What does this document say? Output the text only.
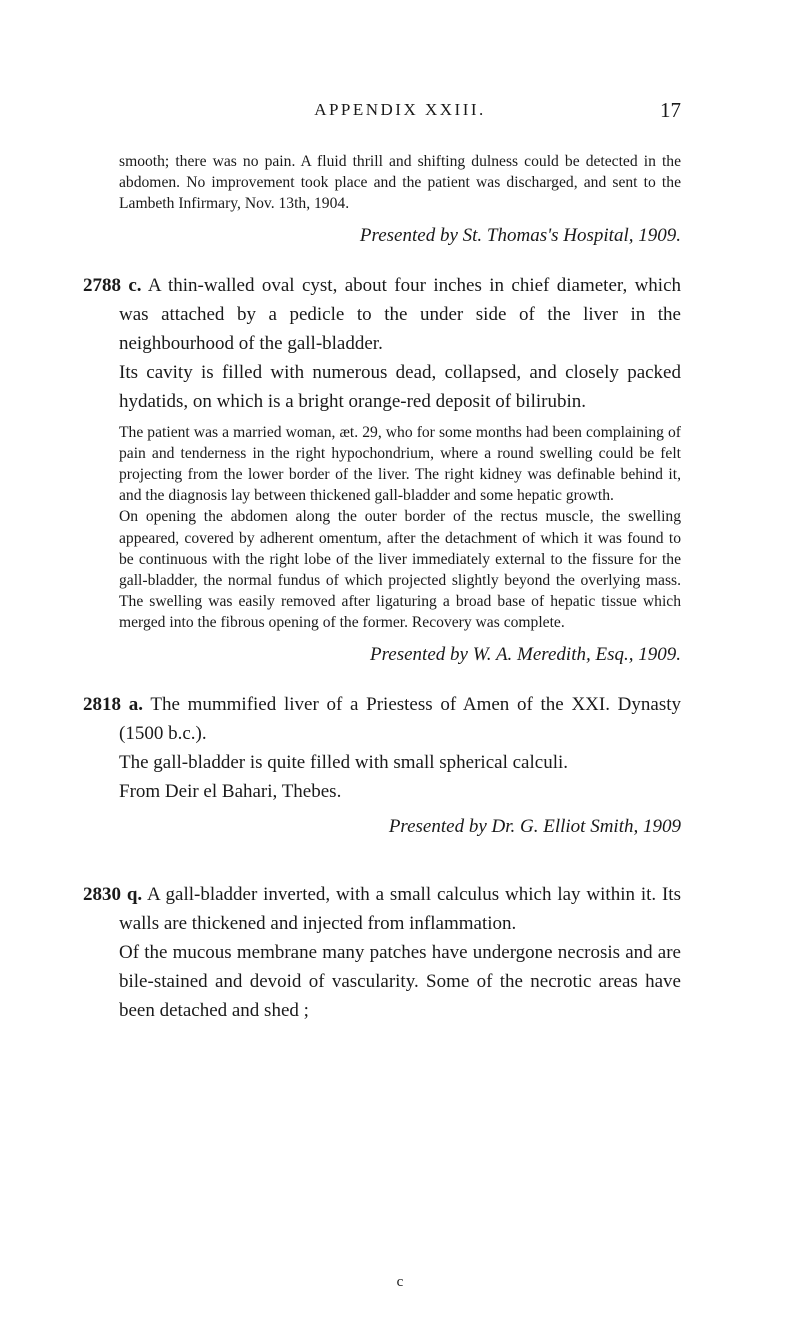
APPENDIX XXIII.	17

smooth; there was no pain. A fluid thrill and shifting dulness could be detected in the abdomen. No improvement took place and the patient was discharged, and sent to the Lambeth Infirmary, Nov. 13th, 1904.

Presented by St. Thomas's Hospital, 1909.

2788 c. A thin-walled oval cyst, about four inches in chief diameter, which was attached by a pedicle to the under side of the liver in the neighbourhood of the gall-bladder.

Its cavity is filled with numerous dead, collapsed, and closely packed hydatids, on which is a bright orange-red deposit of bilirubin.

The patient was a married woman, æt. 29, who for some months had been complaining of pain and tenderness in the right hypochondrium, where a round swelling could be felt projecting from the lower border of the liver. The right kidney was definable behind it, and the diagnosis lay between thickened gall-bladder and some hepatic growth.

On opening the abdomen along the outer border of the rectus muscle, the swelling appeared, covered by adherent omentum, after the detachment of which it was found to be continuous with the right lobe of the liver immediately external to the fissure for the gall-bladder, the normal fundus of which projected slightly beyond the overlying mass. The swelling was easily removed after ligaturing a broad base of hepatic tissue which merged into the fibrous opening of the former. Recovery was complete.

Presented by W. A. Meredith, Esq., 1909.

2818 a. The mummified liver of a Priestess of Amen of the XXI. Dynasty (1500 b.c.).

The gall-bladder is quite filled with small spherical calculi.

From Deir el Bahari, Thebes.

Presented by Dr. G. Elliot Smith, 1909

2830 q. A gall-bladder inverted, with a small calculus which lay within it. Its walls are thickened and injected from inflammation.

Of the mucous membrane many patches have undergone necrosis and are bile-stained and devoid of vascularity. Some of the necrotic areas have been detached and shed ;

c
